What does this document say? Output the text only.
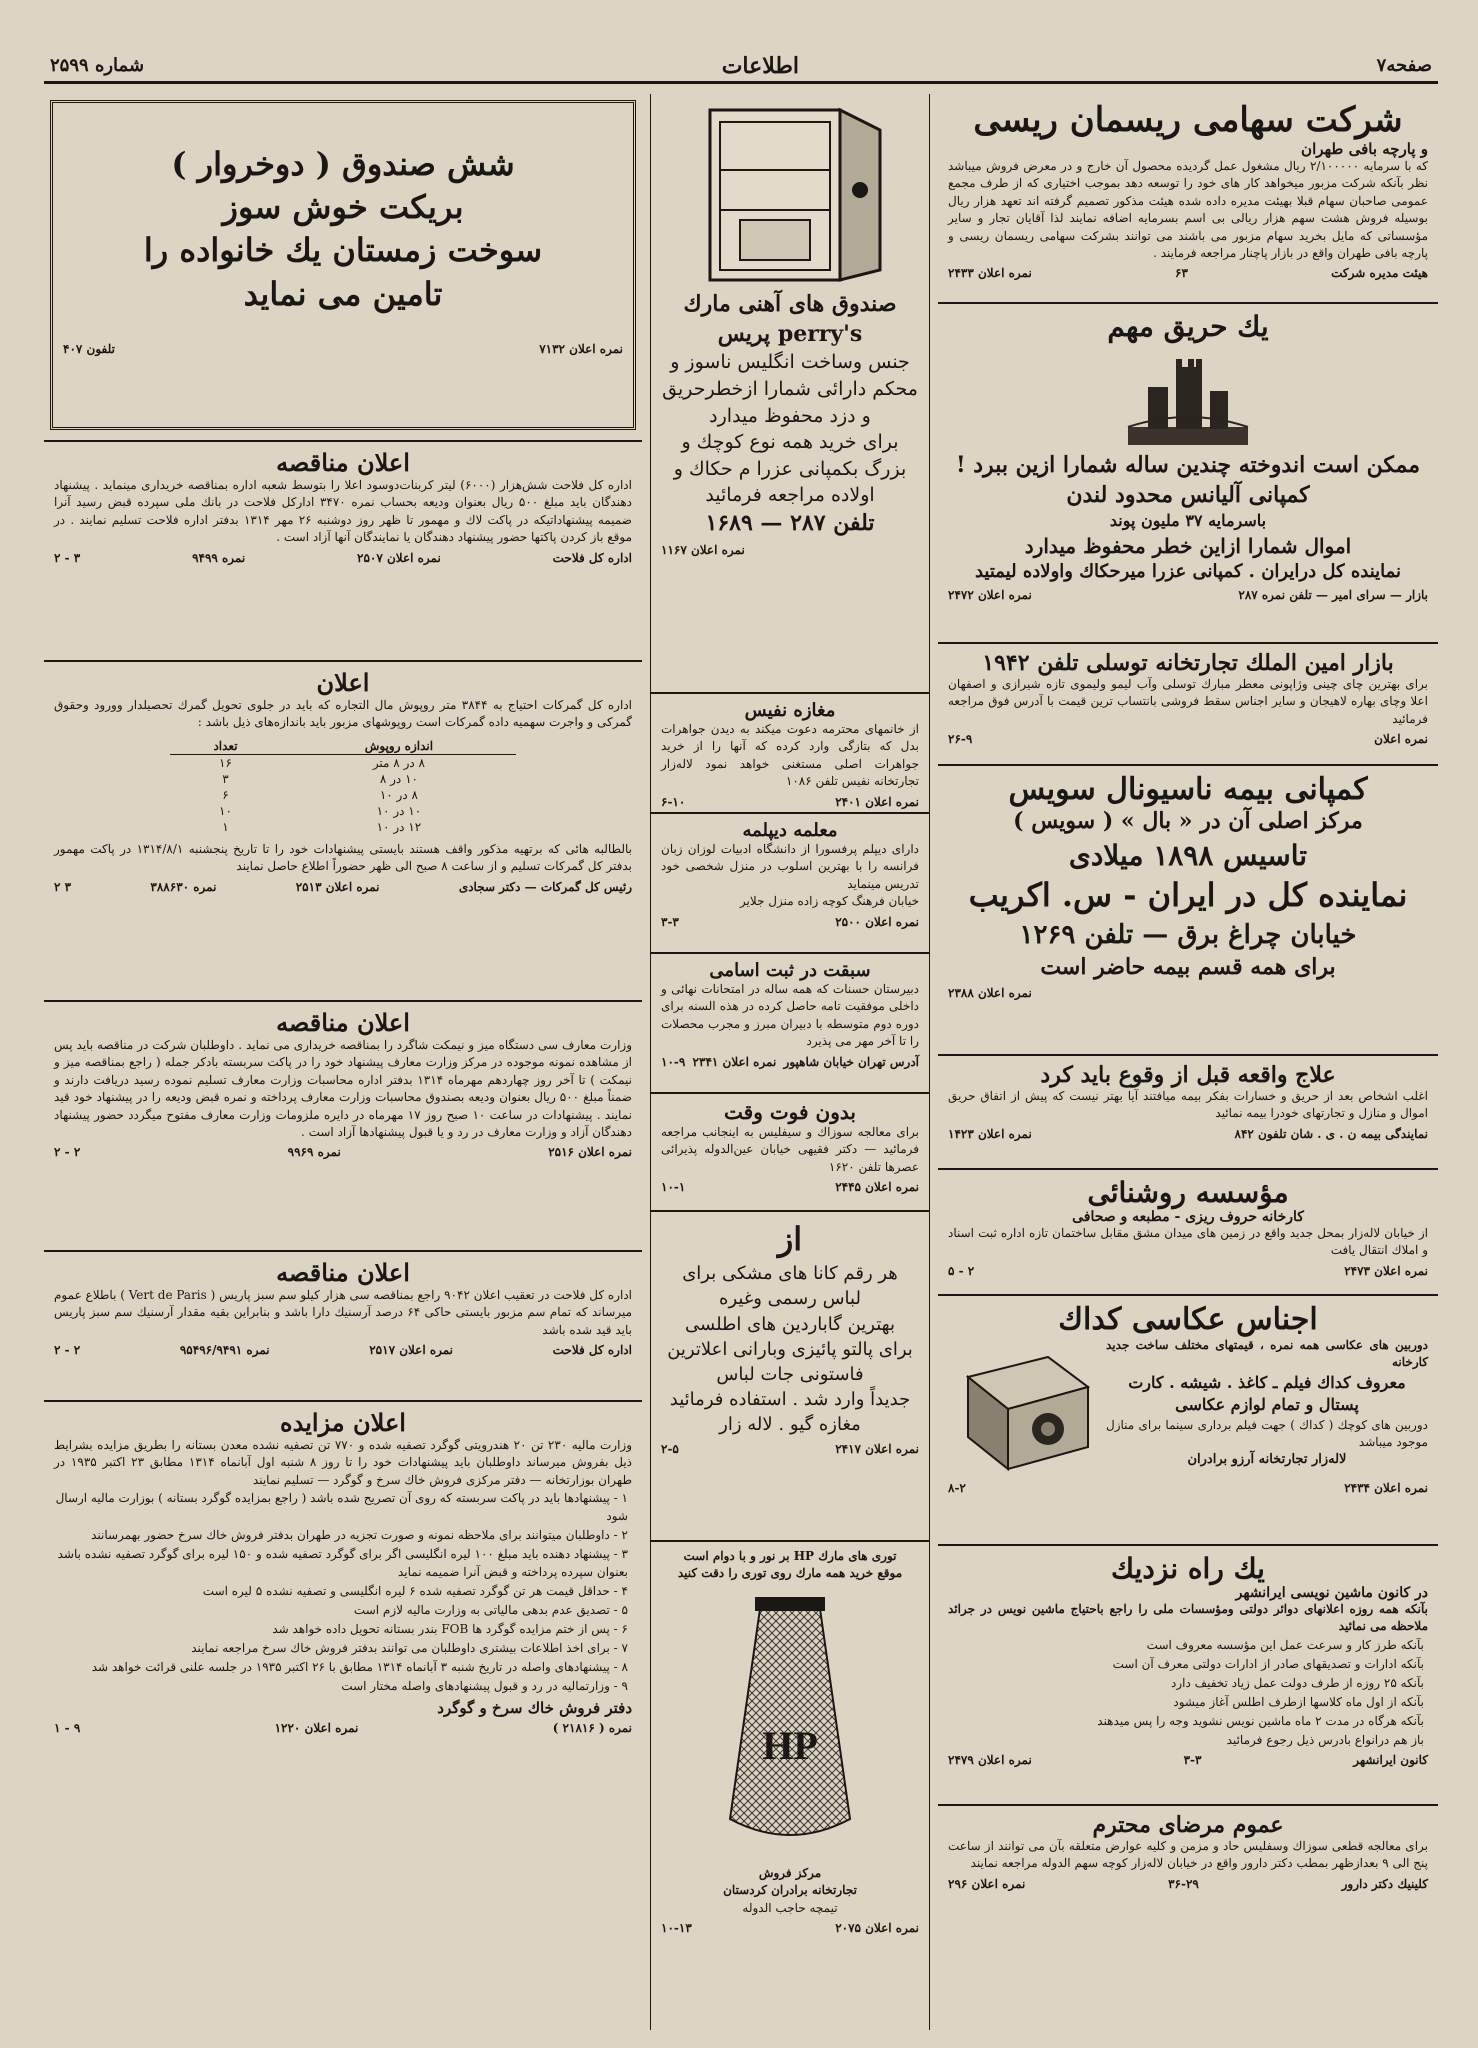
صفحه۷
اطلاعات
شماره ۲۵۹۹
شرکت سهامی ریسمان ریسی
و پارچه بافی طهران
که با سرمایه ۲/۱۰۰۰۰۰ ریال مشغول عمل گردیده محصول آن خارج و در معرض فروش میباشد نظر بآنکه شرکت مزبور میخواهد کار های خود را توسعه دهد بموجب اختیاری که از طرف مجمع عمومی صاحبان سهام قبلا بهیئت مدیره داده شده هیئت مذکور تصمیم گرفته اند تعهد هزار ریال بوسیله فروش هشت سهم هزار ریالی بی اسم بسرمایه اضافه نمایند لذا آقایان تجار و سایر مؤسساتی که مایل بخرید سهام مزبور می باشند می توانند بشرکت سهامی ریسمان ریسی و پارچه بافی طهران واقع در بازار پاچنار مراجعه فرمایند .
هیئت مدیره شرکت
۶۳
نمره اعلان ۲۴۳۳
یك حریق مهم
ممکن است اندوخته چندین ساله شمارا ازین ببرد !
کمپانی آلیانس محدود لندن
باسرمایه ۳۷ ملیون پوند
اموال شمارا ازاین خطر محفوظ میدارد
نماینده کل درایران . کمپانی عزرا میرحکاك واولاده لیمتید
بازار — سرای امیر — تلفن نمره ۲۸۷
نمره اعلان ۲۴۷۲
بازار امین الملك تجارتخانه توسلی تلفن ۱۹۴۲
برای بهترین چای چینی وژاپونی معطر مبارك توسلی وآب لیمو ولیموی تازه شیرازی و اصفهان اعلا وچای بهاره لاهیجان و سایر اجناس سقط فروشی بانتساب ترین قیمت با آدرس فوق مراجعه فرمائید
نمره اعلان
۲۶-۹
کمپانی بیمه ناسیونال سویس
مرکز اصلی آن در « بال » ( سویس )
تاسیس ۱۸۹۸ میلادی
نماینده کل در ایران - س. اکریب
خیابان چراغ برق — تلفن ۱۲۶۹
برای همه قسم بیمه حاضر است
نمره اعلان ۲۳۸۸
علاج واقعه قبل از وقوع باید کرد
اغلب اشخاص بعد از حریق و خسارات بفکر بیمه میافتند آیا بهتر نیست که پیش از اتفاق حریق اموال و منازل و تجارتهای خودرا بیمه نمائید
نمایندگی بیمه ن . ی . شان تلفون ۸۴۲
نمره اعلان ۱۴۲۳
مؤسسه روشنائی
کارخانه حروف ریزی - مطبعه و صحافی
از خیابان لاله‌زار بمحل جدید واقع در زمین های میدان مشق مقابل ساختمان تازه اداره ثبت اسناد و املاك انتقال یافت
نمره اعلان ۲۴۷۳
۲ - ۵
اجناس عکاسی کداك
دوربین های عکاسی همه نمره ، قیمتهای مختلف ساخت جدید کارخانه
معروف کداك فیلم ـ کاغذ . شیشه . کارت
پستال و تمام لوازم عکاسی
دوربین های کوچك ( کداك ) جهت فیلم برداری سینما برای منازل موجود میباشد
لاله‌زار تجارتخانه آرزو برادران
نمره اعلان ۲۴۳۴
۸-۲
یك راه نزدیك
در کانون ماشین نویسی ایرانشهر
بآنکه همه روزه اعلانهای دوائر دولتی ومؤسسات ملی را راجع باحتیاج ماشین نویس در جرائد ملاحظه می نمائید
بآنکه طرز کار و سرعت عمل این مؤسسه معروف است
بآنکه ادارات و تصدیقهای صادر از ادارات دولتی معرف آن است
بآنکه ۲۵ روزه از طرف دولت عمل زیاد تخفیف دارد
بآنکه از اول ماه کلاسها ازطرف اطلس آغاز میشود
بآنکه هرگاه در مدت ۲ ماه ماشین نویس نشوید وجه را پس میدهند
باز هم درانواع بادرس ذیل رجوع فرمائید
کانون ایرانشهر
۳-۳
نمره اعلان ۲۴۷۹
عموم مرضای محترم
برای معالجه قطعی سوزاك وسفلیس حاد و مزمن و کلیه عوارض متعلقه بآن می توانند از ساعت پنج الی ۹ بعدازظهر بمطب دکتر دارور واقع در خیابان لاله‌زار کوچه سهم الدوله مراجعه نمایند
کلینیك دکتر دارور
۳۶-۲۹
نمره اعلان ۲۹۶
صندوق های آهنی مارك
perry's پریس
جنس وساخت انگلیس ناسوز و
محکم دارائی شمارا ازخطرحریق
و دزد محفوظ میدارد
برای خرید همه نوع کوچك و
بزرگ بکمپانی عزرا م حکاك و
اولاده مراجعه فرمائید
تلفن ۲۸۷ — ۱۶۸۹
نمره اعلان ۱۱۶۷
مغازه نفیس
از خانمهای محترمه دعوت میکند به دیدن جواهرات بدل که بتازگی وارد کرده که آنها را از خرید جواهرات اصلی مستغنی خواهد نمود لاله‌زار تجارتخانه نفیس تلفن ۱۰۸۶
نمره اعلان ۲۴۰۱
۶-۱۰
معلمه دیپلمه
دارای دیپلم پرفسورا از دانشگاه ادبیات لوزان زبان فرانسه را با بهترین اسلوب در منزل شخصی خود تدریس مینماید
خیابان فرهنگ کوچه زاده منزل جلایر
نمره اعلان ۲۵۰۰
۳-۳
سبقت در ثبت اسامی
دبیرستان حسنات که همه ساله در امتحانات نهائی و داخلی موفقیت تامه حاصل کرده در هذه السنه برای دوره دوم متوسطه با دبیران مبرز و مجرب محصلات را تا آخر مهر می پذیرد
آدرس تهران خیابان شاهپور
نمره اعلان ۲۳۴۱
۱۰-۹
بدون فوت وقت
برای معالجه سوزاك و سیفلیس به اینجانب مراجعه فرمائید — دکتر فقیهی خیابان عین‌الدوله پذیرائی عصرها تلفن ۱۶۲۰
نمره اعلان ۲۴۴۵
۱۰-۱
از
هر رقم کانا های مشکی برای
لباس رسمی وغیره
بهترین گاباردین های اطلسی
برای پالتو پائیزی وبارانی اعلاترین
فاستونی جات لباس
جدیداً وارد شد . استفاده فرمائید
مغازه گیو . لاله زار
نمره اعلان ۲۴۱۷
۲-۵
توری های مارك HP بر نور و با دوام است
موقع خرید همه مارك روی توری را دقت کنید
HP
مرکز فروش
تجارتخانه برادران کردستان
تیمچه حاجب الدوله
نمره اعلان ۲۰۷۵
۱۰-۱۳
شش صندوق ( دوخروار )
بریکت خوش سوز
سوخت زمستان یك خانواده را
تامین می نماید
نمره اعلان ۷۱۳۲
تلفون ۴۰۷
اعلان مناقصه
اداره کل فلاحت شش‌هزار (۶۰۰۰) لیتر کربنات‌دوسود اعلا را بتوسط شعبه اداره بمناقصه خریداری مینماید . پیشنهاد دهندگان باید مبلغ ۵۰۰ ریال بعنوان ودیعه بحساب نمره ۳۴۷۰ ادارکل فلاحت در بانك ملی سپرده قبض رسید آنرا ضمیمه پیشنهاداتیکه در پاکت لاك و مهمور تا ظهر روز دوشنبه ۲۶ مهر ۱۳۱۴ بدفتر اداره فلاحت تسلیم نمایند . در موقع باز کردن پاکتها حضور پیشنهاد دهندگان یا نمایندگان آنها آزاد است .
اداره کل فلاحت
نمره اعلان ۲۵۰۷
نمره ۹۴۹۹
۳ - ۲
اعلان
اداره کل گمرکات احتیاج به ۳۸۴۴ متر روپوش مال التجاره که باید در جلوی تحویل گمرك تحصیلدار وورود وحقوق گمرکی و واجرت سهمیه داده گمرکات است روپوشهای مزبور باید باندازه‌های ذیل باشد :
اندازه روپوش	تعداد
۸ در ۸ متر	۱۶
۱۰ در ۸	۳
۸ در ۱۰	۶
۱۰ در ۱۰	۱۰
۱۲ در ۱۰	۱
بالطالبه هائی که برتهیه مذکور واقف هستند بایستی پیشنهادات خود را تا تاریخ پنجشنبه ۱۳۱۴/۸/۱ در پاکت مهمور بدفتر کل گمرکات تسلیم و از ساعت ۸ صبح الی ظهر حضوراً اطلاع حاصل نمایند
رئیس کل گمرکات — دکتر سجادی
نمره اعلان ۲۵۱۳
نمره ۳۸۸۶۳۰
۳ ۲
اعلان مناقصه
وزارت معارف سی دستگاه میز و نیمکت شاگرد را بمناقصه خریداری می نماید . داوطلبان شرکت در مناقصه باید پس از مشاهده نمونه موجوده در مرکز وزارت معارف پیشنهاد خود را در پاکت سربسته بادکر جمله ( راجع بمناقصه میز و نیمکت ) تا آخر روز چهاردهم مهرماه ۱۳۱۴ بدفتر اداره محاسبات وزارت معارف تسلیم نموده رسید دریافت دارند و ضمناً مبلغ ۵۰۰ ریال بعنوان ودیعه بصندوق محاسبات وزارت معارف پرداخته و نمره قبض ودیعه را در پیشنهاد خود قید نمایند . پیشنهادات در ساعت ۱۰ صبح روز ۱۷ مهرماه در دایره ملزومات وزارت معارف مفتوح میگردد حضور پیشنهاد دهندگان آزاد و وزارت معارف در رد و یا قبول پیشنهادها آزاد است .
نمره اعلان ۲۵۱۶
نمره ۹۹۶۹
۲ - ۲
اعلان مناقصه
اداره کل فلاحت در تعقیب اعلان ۹۰۴۲ راجع بمناقصه سی هزار کیلو سم سبز پاریس ( Vert de Paris ) باطلاع عموم میرساند که تمام سم مزبور بایستی حاکی ۶۴ درصد آرسنیك دارا باشد و بنابراین بقیه مقدار آرسنیك سم سبز پاریس باید قید شده باشد
اداره کل فلاحت
نمره اعلان ۲۵۱۷
نمره ۹۵۴۹۶/۹۴۹۱
۲ - ۲
اعلان مزایده
وزارت مالیه ۲۳۰ تن ۲۰ هندرویتی گوگرد تصفیه شده و ۷۷۰ تن تصفیه نشده معدن بستانه را بطریق مزایده بشرایط ذیل بفروش میرساند داوطلبان باید پیشنهادات خود را تا روز ۸ شنبه اول آبانماه ۱۳۱۴ مطابق ۲۳ اکتبر ۱۹۳۵ در طهران بوزارتخانه — دفتر مرکزی فروش خاك سرخ و گوگرد — تسلیم نمایند
۱ - پیشنهادها باید در پاکت سربسته که روی آن تصریح شده باشد ( راجع بمزایده گوگرد بستانه ) بوزارت مالیه ارسال شود
۲ - داوطلبان میتوانند برای ملاحظه نمونه و صورت تجزیه در طهران بدفتر فروش خاك سرخ حضور بهمرسانند
۳ - پیشنهاد دهنده باید مبلغ ۱۰۰ لیره انگلیسی اگر برای گوگرد تصفیه شده و ۱۵۰ لیره برای گوگرد تصفیه نشده باشد بعنوان سپرده پرداخته و قبض آنرا ضمیمه نماید
۴ - حداقل قیمت هر تن گوگرد تصفیه شده ۶ لیره انگلیسی و تصفیه نشده ۵ لیره است
۵ - تصدیق عدم بدهی مالیاتی به وزارت مالیه لازم است
۶ - پس از ختم مزایده گوگرد ها FOB بندر بستانه تحویل داده خواهد شد
۷ - برای اخذ اطلاعات بیشتری داوطلبان می توانند بدفتر فروش خاك سرخ مراجعه نمایند
۸ - پیشنهادهای واصله در تاریخ شنبه ۳ آبانماه ۱۳۱۴ مطابق با ۲۶ اکتبر ۱۹۳۵ در جلسه علنی قرائت خواهد شد
۹ - وزارتمالیه در رد و قبول پیشنهادهای واصله مختار است
دفتر فروش خاك سرخ و گوگرد
نمره ( ۲۱۸۱۶ )
نمره اعلان ۱۲۲۰
۹ - ۱
